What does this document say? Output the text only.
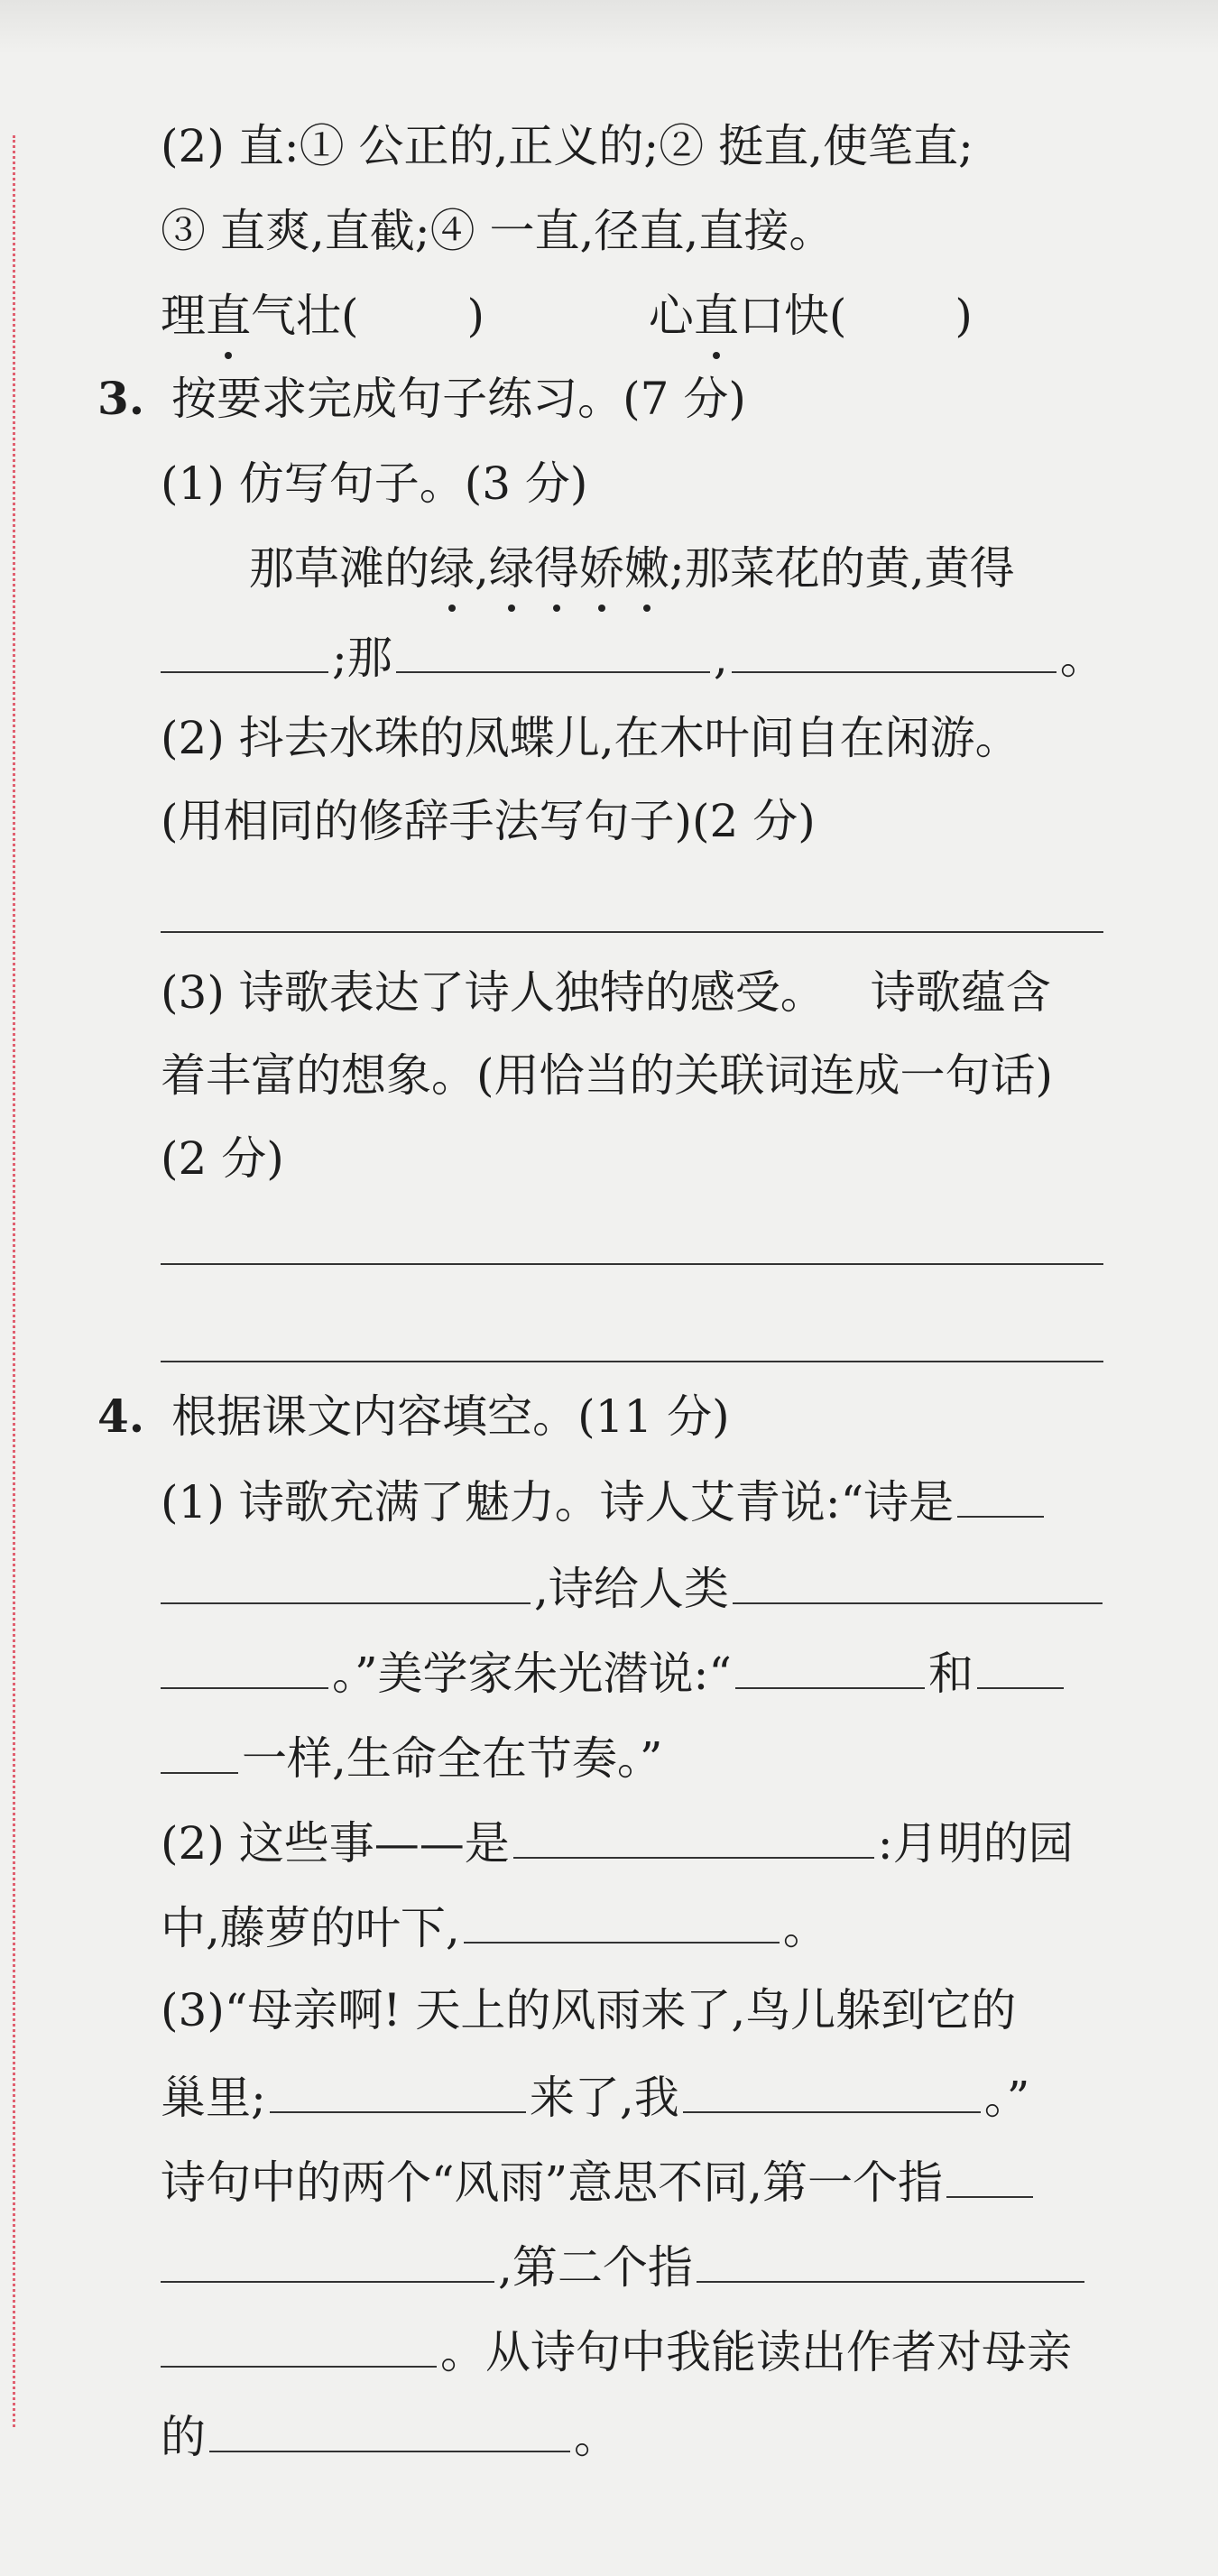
(2) 直:① 公正的,正义的;② 挺直,使笔直;
③ 直爽,直截;④ 一直,径直,直接。
理直气壮( )	心直口快( )
3. 按要求完成句子练习。(7 分)
(1) 仿写句子。(3 分)
那草滩的绿,绿得娇嫩;那菜花的黄,黄得
;那	,	。
(2) 抖去水珠的凤蝶儿,在木叶间自在闲游。
(用相同的修辞手法写句子)(2 分)
(3) 诗歌表达了诗人独特的感受。 诗歌蕴含
着丰富的想象。(用恰当的关联词连成一句话)
(2 分)
4. 根据课文内容填空。(11 分)
(1) 诗歌充满了魅力。诗人艾青说:“诗是
,诗给人类
。”美学家朱光潜说:“	和
一样,生命全在节奏。”
(2) 这些事——是	:月明的园
中,藤萝的叶下,	。
(3)“母亲啊! 天上的风雨来了,鸟儿躲到它的
巢里;	来了,我	。”
诗句中的两个“风雨”意思不同,第一个指
,第二个指
。从诗句中我能读出作者对母亲
的	。
